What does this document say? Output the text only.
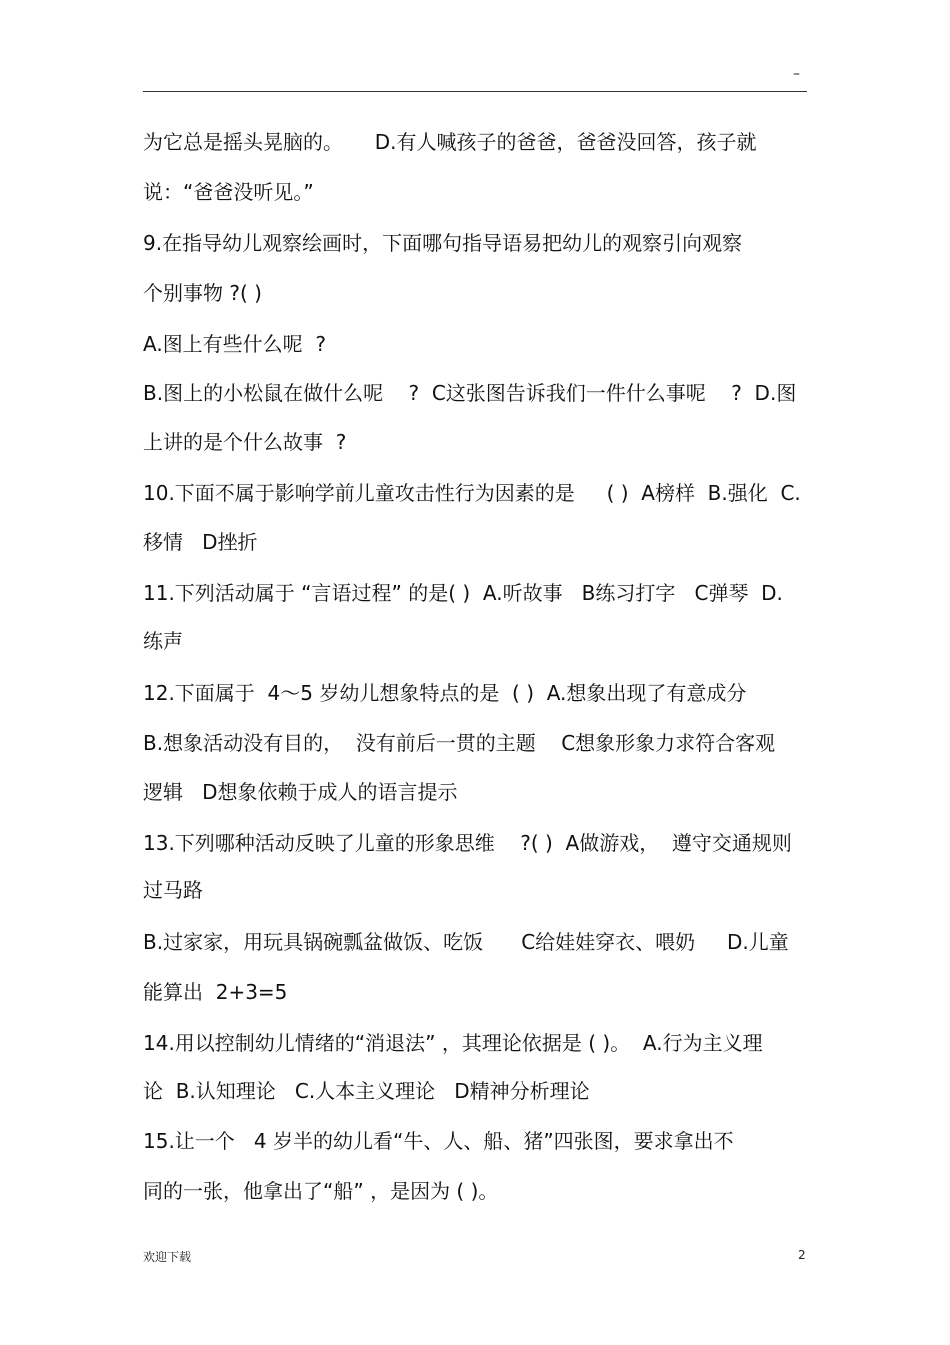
–
为它总是摇头晃脑的。     D.有人喊孩子的爸爸，爸爸没回答，孩子就
说：“爸爸没听见。”
9.在指导幼儿观察绘画时，下面哪句指导语易把幼儿的观察引向观察
个别事物 ?( )
A.图上有些什么呢  ?
B.图上的小松鼠在做什么呢    ?  C这张图告诉我们一件什么事呢    ?  D.图
上讲的是个什么故事  ?
10.下面不属于影响学前儿童攻击性行为因素的是     ( )  A榜样  B.强化  C.
移情   D挫折
11.下列活动属于 “言语过程” 的是( )  A.听故事   B练习打字   C弹琴  D.
练声
12.下面属于  4～5 岁幼儿想象特点的是  ( )  A.想象出现了有意成分
B.想象活动没有目的，  没有前后一贯的主题    C想象形象力求符合客观
逻辑   D想象依赖于成人的语言提示
13.下列哪种活动反映了儿童的形象思维    ?( )  A做游戏，  遵守交通规则
过马路
B.过家家，用玩具锅碗瓢盆做饭、吃饭      C给娃娃穿衣、喂奶     D.儿童
能算出  2+3=5
14.用以控制幼儿情绪的“消退法” ，其理论依据是 ( )。  A.行为主义理
论  B.认知理论   C.人本主义理论   D精神分析理论
15.让一个   4 岁半的幼儿看“牛、人、船、猪”四张图，要求拿出不
同的一张，他拿出了“船” ，是因为 ( )。
欢迎下载	2
